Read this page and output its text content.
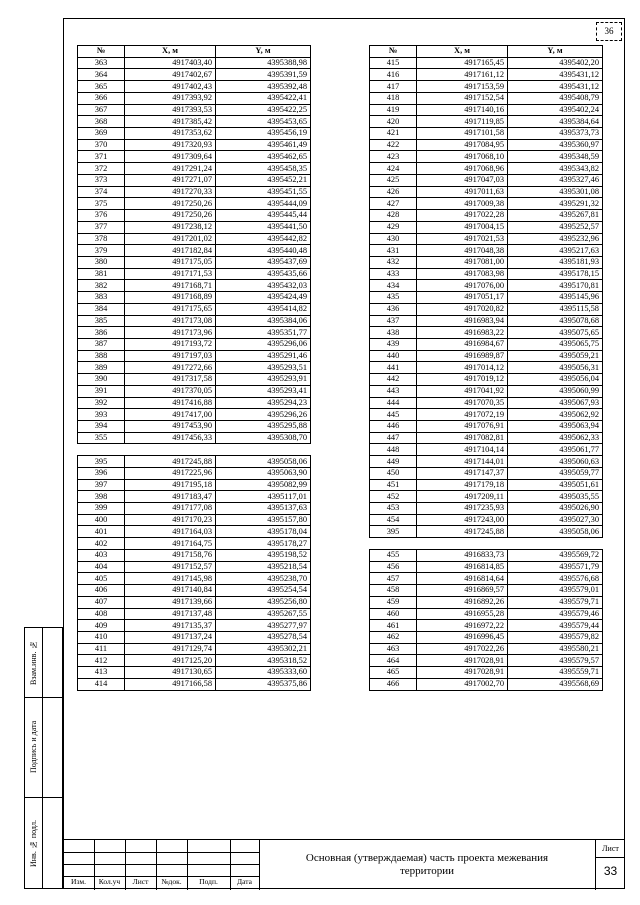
36
№	X, м	Y, м
363	4917403,40	4395388,98
364	4917402,67	4395391,59
365	4917402,43	4395392,48
366	4917393,92	4395422,41
367	4917393,53	4395422,25
368	4917385,42	4395453,65
369	4917353,62	4395456,19
370	4917320,93	4395461,49
371	4917309,64	4395462,65
372	4917291,24	4395458,35
373	4917271,07	4395452,21
374	4917270,33	4395451,55
375	4917250,26	4395444,09
376	4917250,26	4395445,44
377	4917238,12	4395441,50
378	4917201,02	4395442,82
379	4917182,84	4395440,48
380	4917175,05	4395437,69
381	4917171,53	4395435,66
382	4917168,71	4395432,03
383	4917168,89	4395424,49
384	4917175,65	4395414,82
385	4917173,08	4395384,06
386	4917173,96	4395351,77
387	4917193,72	4395296,06
388	4917197,03	4395291,46
389	4917272,66	4395293,51
390	4917317,58	4395293,91
391	4917370,05	4395293,41
392	4917416,88	4395294,23
393	4917417,00	4395296,26
394	4917453,90	4395295,88
355	4917456,33	4395308,70

395	4917245,88	4395058,06
396	4917225,96	4395063,90
397	4917195,18	4395082,99
398	4917183,47	4395117,01
399	4917177,08	4395137,63
400	4917170,23	4395157,80
401	4917164,03	4395178,04
402	4917164,75	4395178,27
403	4917158,76	4395198,52
404	4917152,57	4395218,54
405	4917145,98	4395238,70
406	4917140,84	4395254,54
407	4917139,66	4395256,80
408	4917137,48	4395267,55
409	4917135,37	4395277,97
410	4917137,24	4395278,54
411	4917129,74	4395302,21
412	4917125,20	4395318,52
413	4917130,65	4395333,60
414	4917166,58	4395375,86
№	X, м	Y, м
415	4917165,45	4395402,20
416	4917161,12	4395431,12
417	4917153,59	4395431,12
418	4917152,54	4395408,79
419	4917140,16	4395402,24
420	4917119,85	4395384,64
421	4917101,58	4395373,73
422	4917084,95	4395360,97
423	4917068,10	4395348,59
424	4917068,96	4395343,82
425	4917047,03	4395327,46
426	4917011,63	4395301,08
427	4917009,38	4395291,32
428	4917022,28	4395267,81
429	4917004,15	4395252,57
430	4917021,53	4395232,96
431	4917048,38	4395217,63
432	4917081,00	4395181,93
433	4917083,98	4395178,15
434	4917076,00	4395170,81
435	4917051,17	4395145,96
436	4917020,82	4395115,58
437	4916983,94	4395078,68
438	4916983,22	4395075,65
439	4916984,67	4395065,75
440	4916989,87	4395059,21
441	4917014,12	4395056,31
442	4917019,12	4395056,04
443	4917041,92	4395060,99
444	4917070,35	4395067,93
445	4917072,19	4395062,92
446	4917076,91	4395063,94
447	4917082,81	4395062,33
448	4917104,14	4395061,77
449	4917144,01	4395060,63
450	4917147,37	4395059,77
451	4917179,18	4395051,61
452	4917209,11	4395035,55
453	4917235,93	4395026,90
454	4917243,00	4395027,30
395	4917245,88	4395058,06

455	4916833,73	4395569,72
456	4916814,85	4395571,79
457	4916814,64	4395576,68
458	4916869,57	4395579,01
459	4916892,26	4395579,71
460	4916955,28	4395579,46
461	4916972,22	4395579,44
462	4916996,45	4395579,82
463	4917022,26	4395580,21
464	4917028,91	4395579,57
465	4917028,91	4395559,71
466	4917002,70	4395568,69
Взам.инв. №
Подпись и дата
Инв. № подл.
Изм.	Кол.уч	Лист	№док.	Подп.	Дата
Основная (утверждаемая) часть проекта межевания
территории
Лист
33
